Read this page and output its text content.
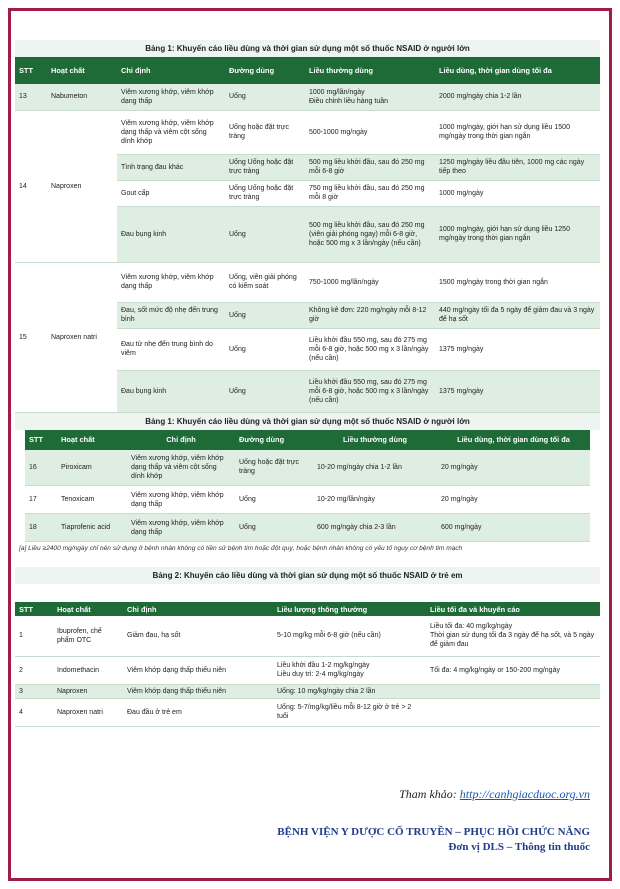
Bảng 1: Khuyến cáo liều dùng và thời gian sử dụng một số thuốc NSAID ở người lớn
STT	Hoạt chất	Chỉ định	Đường dùng	Liều thường dùng	Liều dùng, thời gian dùng tối đa
13	Nabumeton	Viêm xương khớp, viêm khớp dạng thấp	Uống	1000 mg/lần/ngày
Điều chỉnh liều hàng tuần	2000 mg/ngày chia 1-2 lần
14	Naproxen	Viêm xương khớp, viêm khớp dạng thấp và viêm cột sống dính khớp	Uống hoặc đặt trực tràng	500-1000 mg/ngày	1000 mg/ngày, giới hạn sử dụng liều 1500 mg/ngày trong thời gian ngắn
		Tình trạng đau khác	Uống Uống hoặc đặt trực tràng	500 mg liều khởi đầu, sau đó 250 mg mỗi 6-8 giờ	1250 mg/ngày liều đầu tiên, 1000 mg các ngày tiếp theo
		Gout cấp	Uống Uống hoặc đặt trực tràng	750 mg liều khởi đầu, sau đó 250 mg mỗi 8 giờ	1000 mg/ngày
		Đau bụng kinh	Uống	500 mg liều khởi đầu, sau đó 250 mg (viên giải phóng ngay) mỗi 6-8 giờ, hoặc 500 mg x 3 lần/ngày (nếu cần)	1000 mg/ngày, giới hạn sử dụng liều 1250 mg/ngày trong thời gian ngắn
15	Naproxen natri	Viêm xương khớp, viêm khớp dạng thấp	Uống, viên giải phóng có kiểm soát	750-1000 mg/lần/ngày	1500 mg/ngày trong thời gian ngắn
		Đau, sốt mức độ nhẹ đến trung bình	Uống	Không kê đơn: 220 mg/ngày mỗi 8-12 giờ	440 mg/ngày tối đa 5 ngày để giảm đau và 3 ngày để hạ sốt
		Đau từ nhẹ đến trung bình do viêm	Uống	Liều khởi đầu 550 mg, sau đó 275 mg mỗi 6-8 giờ, hoặc 500 mg x 3 lần/ngày (nếu cần)	1375 mg/ngày
		Đau bụng kinh	Uống	Liều khởi đầu 550 mg, sau đó 275 mg mỗi 6-8 giờ, hoặc 500 mg x 3 lần/ngày (nếu cần)	1375 mg/ngày
Bảng 1: Khuyến cáo liều dùng và thời gian sử dụng một số thuốc NSAID ở người lớn
STT	Hoạt chất	Chỉ định	Đường dùng	Liều thường dùng	Liều dùng, thời gian dùng tối đa
16	Piroxicam	Viêm xương khớp, viêm khớp dạng thấp và viêm cột sống dính khớp	Uống hoặc đặt trực tràng	10-20 mg/ngày chia 1-2 lần	20 mg/ngày
17	Tenoxicam	Viêm xương khớp, viêm khớp dạng thấp	Uống	10-20 mg/lần/ngày	20 mg/ngày
18	Tiaprofenic acid	Viêm xương khớp, viêm khớp dạng thấp	Uống	600 mg/ngày chia 2-3 lần	600 mg/ngày
[a] Liều ≥2400 mg/ngày chỉ nên sử dụng ở bệnh nhân không có tiền sử bệnh tim hoặc đột quỵ, hoặc bệnh nhân không có yếu tố nguy cơ bệnh tim mạch
Bảng 2: Khuyến cáo liều dùng và thời gian sử dụng một số thuốc NSAID ở trẻ em
STT	Hoạt chất	Chỉ định	Liều lượng thông thường	Liều tối đa và khuyến cáo
1	Ibuprofen, chế phẩm OTC	Giảm đau, hạ sốt	5-10 mg/kg mỗi 6-8 giờ (nếu cần)	Liều tối đa: 40 mg/kg/ngày
Thời gian sử dụng tối đa 3 ngày để hạ sốt, và 5 ngày để giảm đau
2	Indomethacin	Viêm khớp dạng thấp thiếu niên	Liều khởi đầu 1-2 mg/kg/ngày
Liều duy trì: 2-4 mg/kg/ngày	Tối đa: 4 mg/kg/ngày or 150-200 mg/ngày
3	Naproxen	Viêm khớp dạng thấp thiếu niên	Uống: 10 mg/kg/ngày chia 2 lần	
4	Naproxen natri	Đau đầu ở trẻ em	Uống: 5-7/mg/kg/liều mỗi 8-12 giờ ở trẻ > 2 tuổi	
Tham khảo: http://canhgiacduoc.org.vn
BỆNH VIỆN Y DƯỢC CỔ TRUYỀN – PHỤC HỒI CHỨC NĂNG
Đơn vị DLS – Thông tin thuốc
